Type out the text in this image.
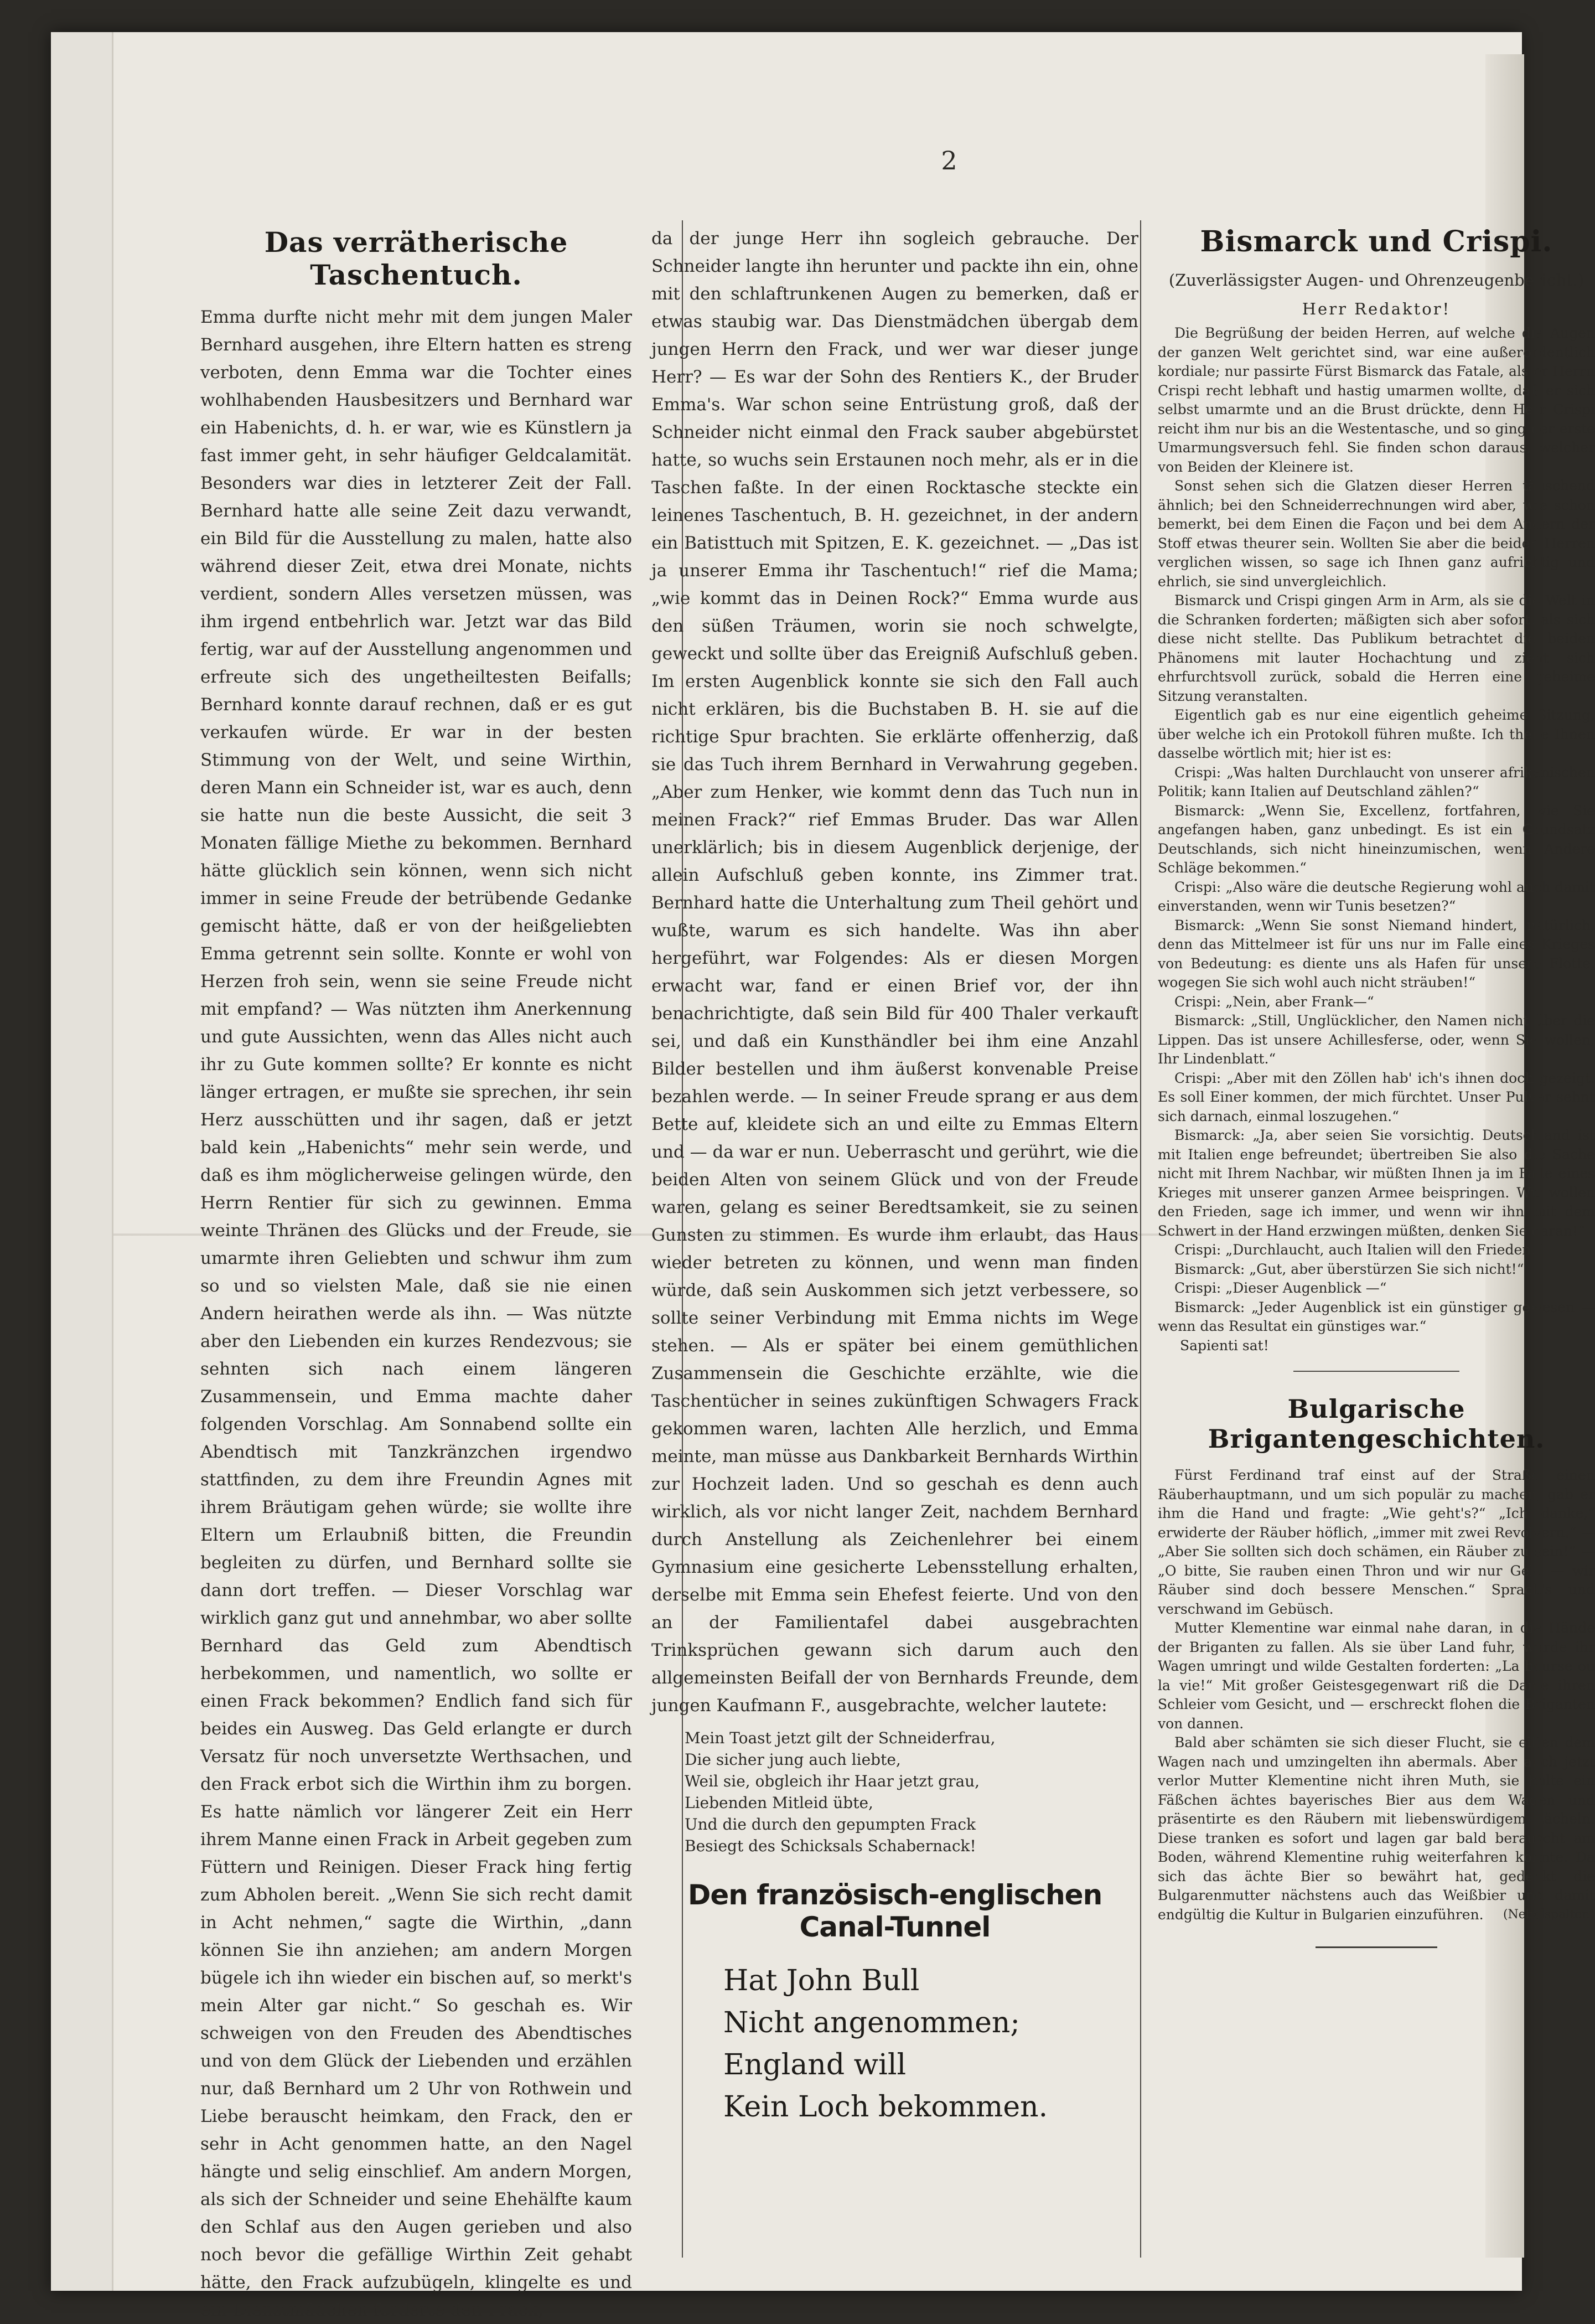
2
Das verrätherische Taschentuch.

Emma durfte nicht mehr mit dem jungen Maler Bernhard ausgehen, ihre Eltern hatten es streng verboten, denn Emma war die Tochter eines wohlhabenden Hausbesitzers und Bernhard war ein Habenichts, d. h. er war, wie es Künstlern ja fast immer geht, in sehr häufiger Geldcalamität. Besonders war dies in letzterer Zeit der Fall. Bernhard hatte alle seine Zeit dazu verwandt, ein Bild für die Ausstellung zu malen, hatte also während dieser Zeit, etwa drei Monate, nichts verdient, sondern Alles versetzen müssen, was ihm irgend entbehrlich war. Jetzt war das Bild fertig, war auf der Ausstellung angenommen und erfreute sich des ungetheiltesten Beifalls; Bernhard konnte darauf rechnen, daß er es gut verkaufen würde. Er war in der besten Stimmung von der Welt, und seine Wirthin, deren Mann ein Schneider ist, war es auch, denn sie hatte nun die beste Aussicht, die seit 3 Monaten fällige Miethe zu bekommen. Bernhard hätte glücklich sein können, wenn sich nicht immer in seine Freude der betrübende Gedanke gemischt hätte, daß er von der heißgeliebten Emma getrennt sein sollte. Konnte er wohl von Herzen froh sein, wenn sie seine Freude nicht mit empfand? — Was nützten ihm Anerkennung und gute Aussichten, wenn das Alles nicht auch ihr zu Gute kommen sollte? Er konnte es nicht länger ertragen, er mußte sie sprechen, ihr sein Herz ausschütten und ihr sagen, daß er jetzt bald kein „Habenichts“ mehr sein werde, und daß es ihm möglicherweise gelingen würde, den Herrn Rentier für sich zu gewinnen. Emma weinte Thränen des Glücks und der Freude, sie umarmte ihren Geliebten und schwur ihm zum so und so vielsten Male, daß sie nie einen Andern heirathen werde als ihn. — Was nützte aber den Liebenden ein kurzes Rendezvous; sie sehnten sich nach einem längeren Zusammensein, und Emma machte daher folgenden Vorschlag. Am Sonnabend sollte ein Abendtisch mit Tanzkränzchen irgendwo stattfinden, zu dem ihre Freundin Agnes mit ihrem Bräutigam gehen würde; sie wollte ihre Eltern um Erlaubniß bitten, die Freundin begleiten zu dürfen, und Bernhard sollte sie dann dort treffen. — Dieser Vorschlag war wirklich ganz gut und annehmbar, wo aber sollte Bernhard das Geld zum Abendtisch herbekommen, und namentlich, wo sollte er einen Frack bekommen? Endlich fand sich für beides ein Ausweg. Das Geld erlangte er durch Versatz für noch unversetzte Werthsachen, und den Frack erbot sich die Wirthin ihm zu borgen. Es hatte nämlich vor längerer Zeit ein Herr ihrem Manne einen Frack in Arbeit gegeben zum Füttern und Reinigen. Dieser Frack hing fertig zum Abholen bereit. „Wenn Sie sich recht damit in Acht nehmen,“ sagte die Wirthin, „dann können Sie ihn anziehen; am andern Morgen bügele ich ihn wieder ein bischen auf, so merkt's mein Alter gar nicht.“ So geschah es. Wir schweigen von den Freuden des Abendtisches und von dem Glück der Liebenden und erzählen nur, daß Bernhard um 2 Uhr von Rothwein und Liebe berauscht heimkam, den Frack, den er sehr in Acht genommen hatte, an den Nagel hängte und selig einschlief. Am andern Morgen, als sich der Schneider und seine Ehehälfte kaum den Schlaf aus den Augen gerieben und also noch bevor die gefällige Wirthin Zeit gehabt hätte, den Frack aufzubügeln, klingelte es und ein Dienstmädchen forderte den Frack,

da der junge Herr ihn sogleich gebrauche. Der Schneider langte ihn herunter und packte ihn ein, ohne mit den schlaftrunkenen Augen zu bemerken, daß er etwas staubig war. Das Dienstmädchen übergab dem jungen Herrn den Frack, und wer war dieser junge Herr? — Es war der Sohn des Rentiers K., der Bruder Emma's. War schon seine Entrüstung groß, daß der Schneider nicht einmal den Frack sauber abgebürstet hatte, so wuchs sein Erstaunen noch mehr, als er in die Taschen faßte. In der einen Rocktasche steckte ein leinenes Taschentuch, B. H. gezeichnet, in der andern ein Batisttuch mit Spitzen, E. K. gezeichnet. — „Das ist ja unserer Emma ihr Taschentuch!“ rief die Mama; „wie kommt das in Deinen Rock?“ Emma wurde aus den süßen Träumen, worin sie noch schwelgte, geweckt und sollte über das Ereigniß Aufschluß geben. Im ersten Augenblick konnte sie sich den Fall auch nicht erklären, bis die Buchstaben B. H. sie auf die richtige Spur brachten. Sie erklärte offenherzig, daß sie das Tuch ihrem Bernhard in Verwahrung gegeben. „Aber zum Henker, wie kommt denn das Tuch nun in meinen Frack?“ rief Emmas Bruder. Das war Allen unerklärlich; bis in diesem Augenblick derjenige, der allein Aufschluß geben konnte, ins Zimmer trat. Bernhard hatte die Unterhaltung zum Theil gehört und wußte, warum es sich handelte. Was ihn aber hergeführt, war Folgendes: Als er diesen Morgen erwacht war, fand er einen Brief vor, der ihn benachrichtigte, daß sein Bild für 400 Thaler verkauft sei, und daß ein Kunsthändler bei ihm eine Anzahl Bilder bestellen und ihm äußerst konvenable Preise bezahlen werde. — In seiner Freude sprang er aus dem Bette auf, kleidete sich an und eilte zu Emmas Eltern und — da war er nun. Ueberrascht und gerührt, wie die beiden Alten von seinem Glück und von der Freude waren, gelang es seiner Beredtsamkeit, sie zu seinen Gunsten zu stimmen. Es wurde ihm erlaubt, das Haus wieder betreten zu können, und wenn man finden würde, daß sein Auskommen sich jetzt verbessere, so sollte seiner Verbindung mit Emma nichts im Wege stehen. — Als er später bei einem gemüthlichen Zusammensein die Geschichte erzählte, wie die Taschentücher in seines zukünftigen Schwagers Frack gekommen waren, lachten Alle herzlich, und Emma meinte, man müsse aus Dankbarkeit Bernhards Wirthin zur Hochzeit laden. Und so geschah es denn auch wirklich, als vor nicht langer Zeit, nachdem Bernhard durch Anstellung als Zeichenlehrer bei einem Gymnasium eine gesicherte Lebensstellung erhalten, derselbe mit Emma sein Ehefest feierte. Und von den an der Familientafel dabei ausgebrachten Trinksprüchen gewann sich darum auch den allgemeinsten Beifall der von Bernhards Freunde, dem jungen Kaufmann F., ausgebrachte, welcher lautete:

Mein Toast jetzt gilt der Schneiderfrau,
Die sicher jung auch liebte,
Weil sie, obgleich ihr Haar jetzt grau,
Liebenden Mitleid übte,
Und die durch den gepumpten Frack
Besiegt des Schicksals Schabernack!
Den französisch-englischen Canal-Tunnel
Hat John Bull
Nicht angenommen;
England will
Kein Loch bekommen.
Bismarck und Crispi.
(Zuverlässigster Augen- und Ohrenzeugenbericht.)
Herr Redaktor!

Die Begrüßung der beiden Herren, auf welche die Augen der ganzen Welt gerichtet sind, war eine außerordentlich kordiale; nur passirte Fürst Bismarck das Fatale, als er Herrn Crispi recht lebhaft und hastig umarmen wollte, daß er sich selbst umarmte und an die Brust drückte, denn Herr Crispi reicht ihm nur bis an die Westentasche, und so ging der erste Umarmungsversuch fehl. Sie finden schon daraus, welcher von Beiden der Kleinere ist.

Sonst sehen sich die Glatzen dieser Herren täuschend ähnlich; bei den Schneiderrechnungen wird aber, wie schon bemerkt, bei dem Einen die Façon und bei dem Andern der Stoff etwas theurer sein. Wollten Sie aber die beiden Herren verglichen wissen, so sage ich Ihnen ganz aufrichtig und ehrlich, sie sind unvergleichlich.

Bismarck und Crispi gingen Arm in Arm, als sie die Welt in die Schranken forderten; mäßigten sich aber sofort, als sich diese nicht stellte. Das Publikum betrachtet die beiden Phänomens mit lauter Hochachtung und zieht sich ehrfurchtsvoll zurück, sobald die Herren eine geheime Sitzung veranstalten.

Eigentlich gab es nur eine eigentlich geheime Sitzung, über welche ich ein Protokoll führen mußte. Ich theile Ihnen dasselbe wörtlich mit; hier ist es:

Crispi: „Was halten Durchlaucht von unserer afrikanischen Politik; kann Italien auf Deutschland zählen?“

Bismarck: „Wenn Sie, Excellenz, fortfahren, wie Sie angefangen haben, ganz unbedingt. Es ist ein Grundsatz Deutschlands, sich nicht hineinzumischen, wenn Andere Schläge bekommen.“

Crispi: „Also wäre die deutsche Regierung wohl auch damit einverstanden, wenn wir Tunis besetzen?“

Bismarck: „Wenn Sie sonst Niemand hindert, natürlich, denn das Mittelmeer ist für uns nur im Falle eines Krieges von Bedeutung: es diente uns als Hafen für unsere Flotte, wogegen Sie sich wohl auch nicht sträuben!“

Crispi: „Nein, aber Frank—“

Bismarck: „Still, Unglücklicher, den Namen nicht über die Lippen. Das ist unsere Achillesferse, oder, wenn Sie wollen, Ihr Lindenblatt.“

Crispi: „Aber mit den Zöllen hab' ich's ihnen doch gezeigt. Es soll Einer kommen, der mich fürchtet. Unser Pulver sehnt sich darnach, einmal loszugehen.“

Bismarck: „Ja, aber seien Sie vorsichtig. Deutschland ist mit Italien enge befreundet; übertreiben Sie also die Sache nicht mit Ihrem Nachbar, wir müßten Ihnen ja im Falle eines Krieges mit unserer ganzen Armee beispringen. Wir wollen den Frieden, sage ich immer, und wenn wir ihn mit dem Schwert in der Hand erzwingen müßten, denken Sie daran!“

Crispi: „Durchlaucht, auch Italien will den Frieden.“

Bismarck: „Gut, aber überstürzen Sie sich nicht!“

Crispi: „Dieser Augenblick —“

Bismarck: „Jeder Augenblick ist ein günstiger gewesen — wenn das Resultat ein günstiges war.“

Sapienti sat!

Bulgarische Brigantengeschichten.

Fürst Ferdinand traf einst auf der Straße einen Räuberhauptmann, und um sich populär zu machen, gab er ihm die Hand und fragte: „Wie geht's?“ „Ich danke,“ erwiderte der Räuber höflich, „immer mit zwei Revolvern.“ — „Aber Sie sollten sich doch schämen, ein Räuber zu sein!“ — „O bitte, Sie rauben einen Thron und wir nur Geld — wir Räuber sind doch bessere Menschen.“ Sprach's und verschwand im Gebüsch.

Mutter Klementine war einmal nahe daran, in die Hände der Briganten zu fallen. Als sie über Land fuhr, wurde ihr Wagen umringt und wilde Gestalten forderten: „La bourse ou la vie!“ Mit großer Geistesgegenwart riß die Dame ihren Schleier vom Gesicht, und — erschreckt flohen die Briganten von dannen.

Bald aber schämten sie sich dieser Flucht, sie eilten dem Wagen nach und umzingelten ihn abermals. Aber auch jetzt verlor Mutter Klementine nicht ihren Muth, sie holte ein Fäßchen ächtes bayerisches Bier aus dem Wagen und präsentirte es den Räubern mit liebenswürdigem Lächeln. Diese tranken es sofort und lagen gar bald berauscht am Boden, während Klementine ruhig weiterfahren konnte. Da sich das ächte Bier so bewährt hat, gedenkt die Bulgarenmutter nächstens auch das Weißbier und damit endgültig die Kultur in Bulgarien einzuführen.	(Nebelspalter.)
